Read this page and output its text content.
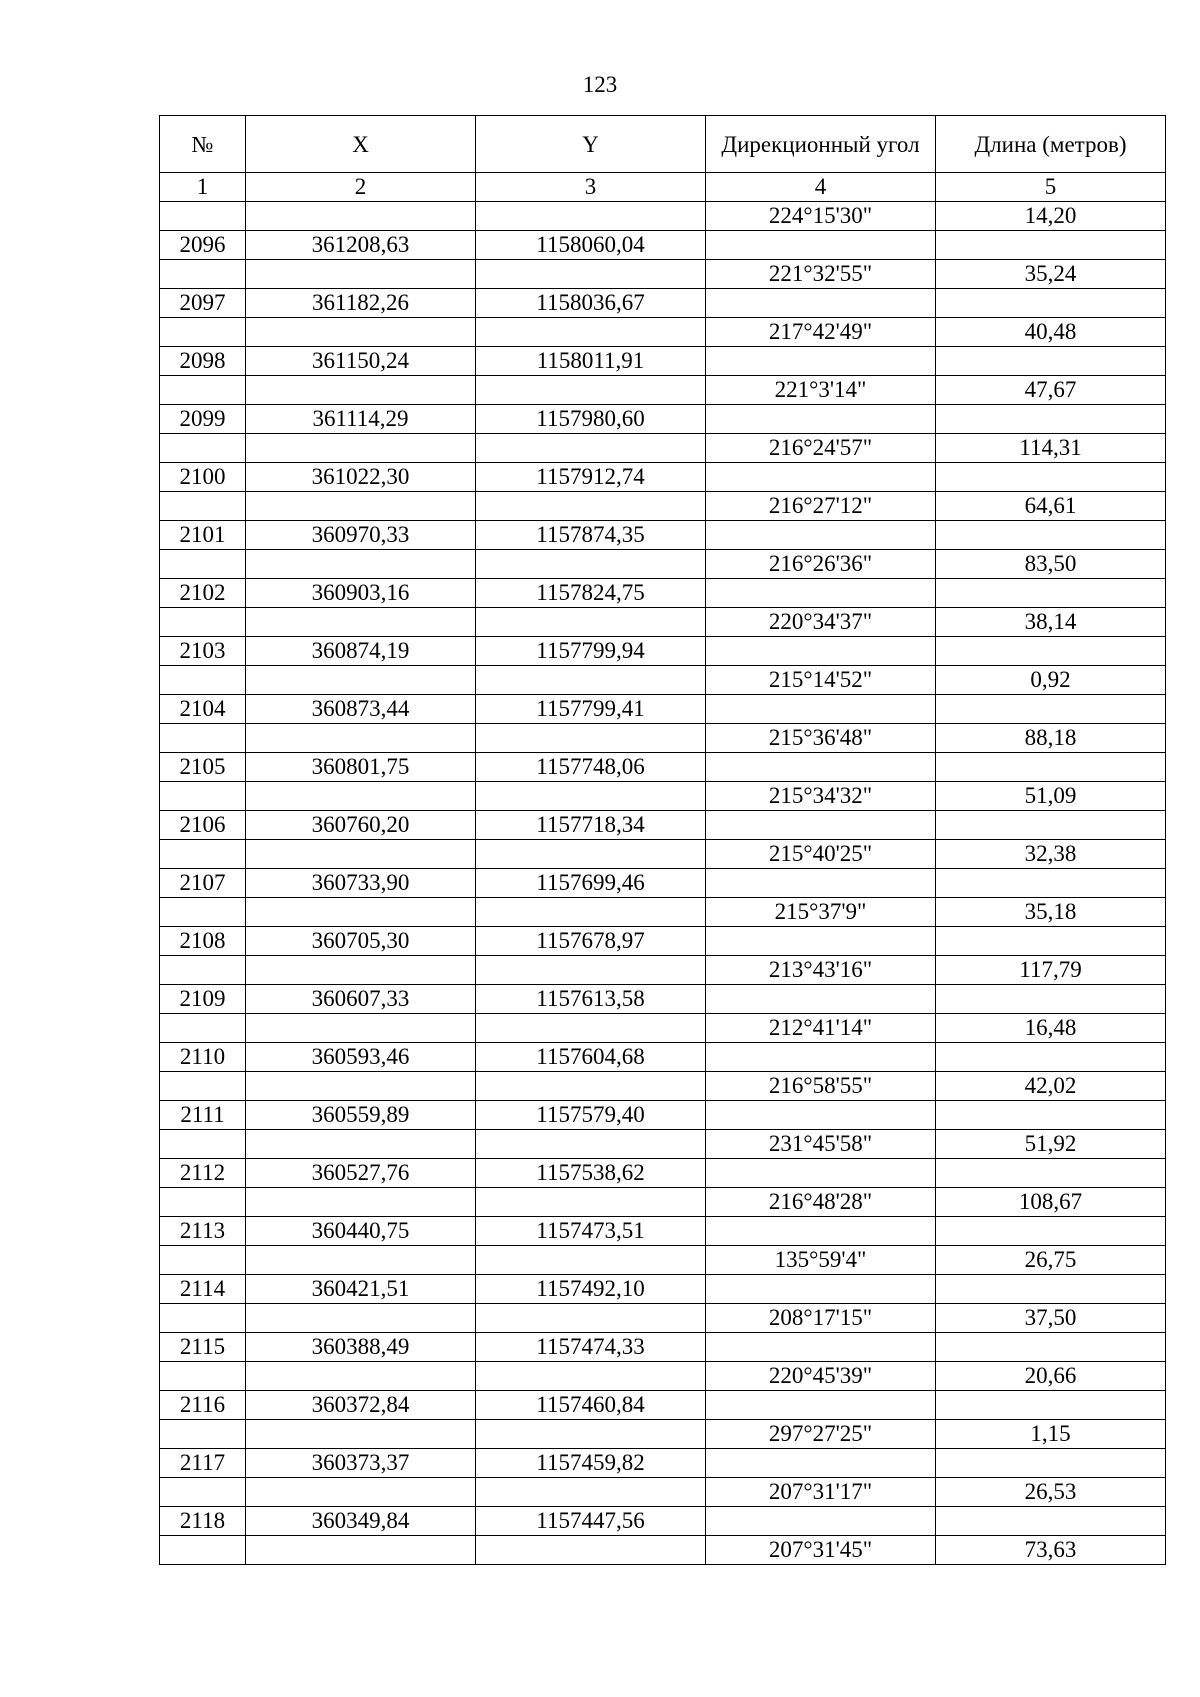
123
№	X	Y	Дирекционный угол	Длина (метров)
1	2	3	4	5
			224°15'30"	14,20
2096	361208,63	1158060,04		
			221°32'55"	35,24
2097	361182,26	1158036,67		
			217°42'49"	40,48
2098	361150,24	1158011,91		
			221°3'14"	47,67
2099	361114,29	1157980,60		
			216°24'57"	114,31
2100	361022,30	1157912,74		
			216°27'12"	64,61
2101	360970,33	1157874,35		
			216°26'36"	83,50
2102	360903,16	1157824,75		
			220°34'37"	38,14
2103	360874,19	1157799,94		
			215°14'52"	0,92
2104	360873,44	1157799,41		
			215°36'48"	88,18
2105	360801,75	1157748,06		
			215°34'32"	51,09
2106	360760,20	1157718,34		
			215°40'25"	32,38
2107	360733,90	1157699,46		
			215°37'9"	35,18
2108	360705,30	1157678,97		
			213°43'16"	117,79
2109	360607,33	1157613,58		
			212°41'14"	16,48
2110	360593,46	1157604,68		
			216°58'55"	42,02
2111	360559,89	1157579,40		
			231°45'58"	51,92
2112	360527,76	1157538,62		
			216°48'28"	108,67
2113	360440,75	1157473,51		
			135°59'4"	26,75
2114	360421,51	1157492,10		
			208°17'15"	37,50
2115	360388,49	1157474,33		
			220°45'39"	20,66
2116	360372,84	1157460,84		
			297°27'25"	1,15
2117	360373,37	1157459,82		
			207°31'17"	26,53
2118	360349,84	1157447,56		
			207°31'45"	73,63
